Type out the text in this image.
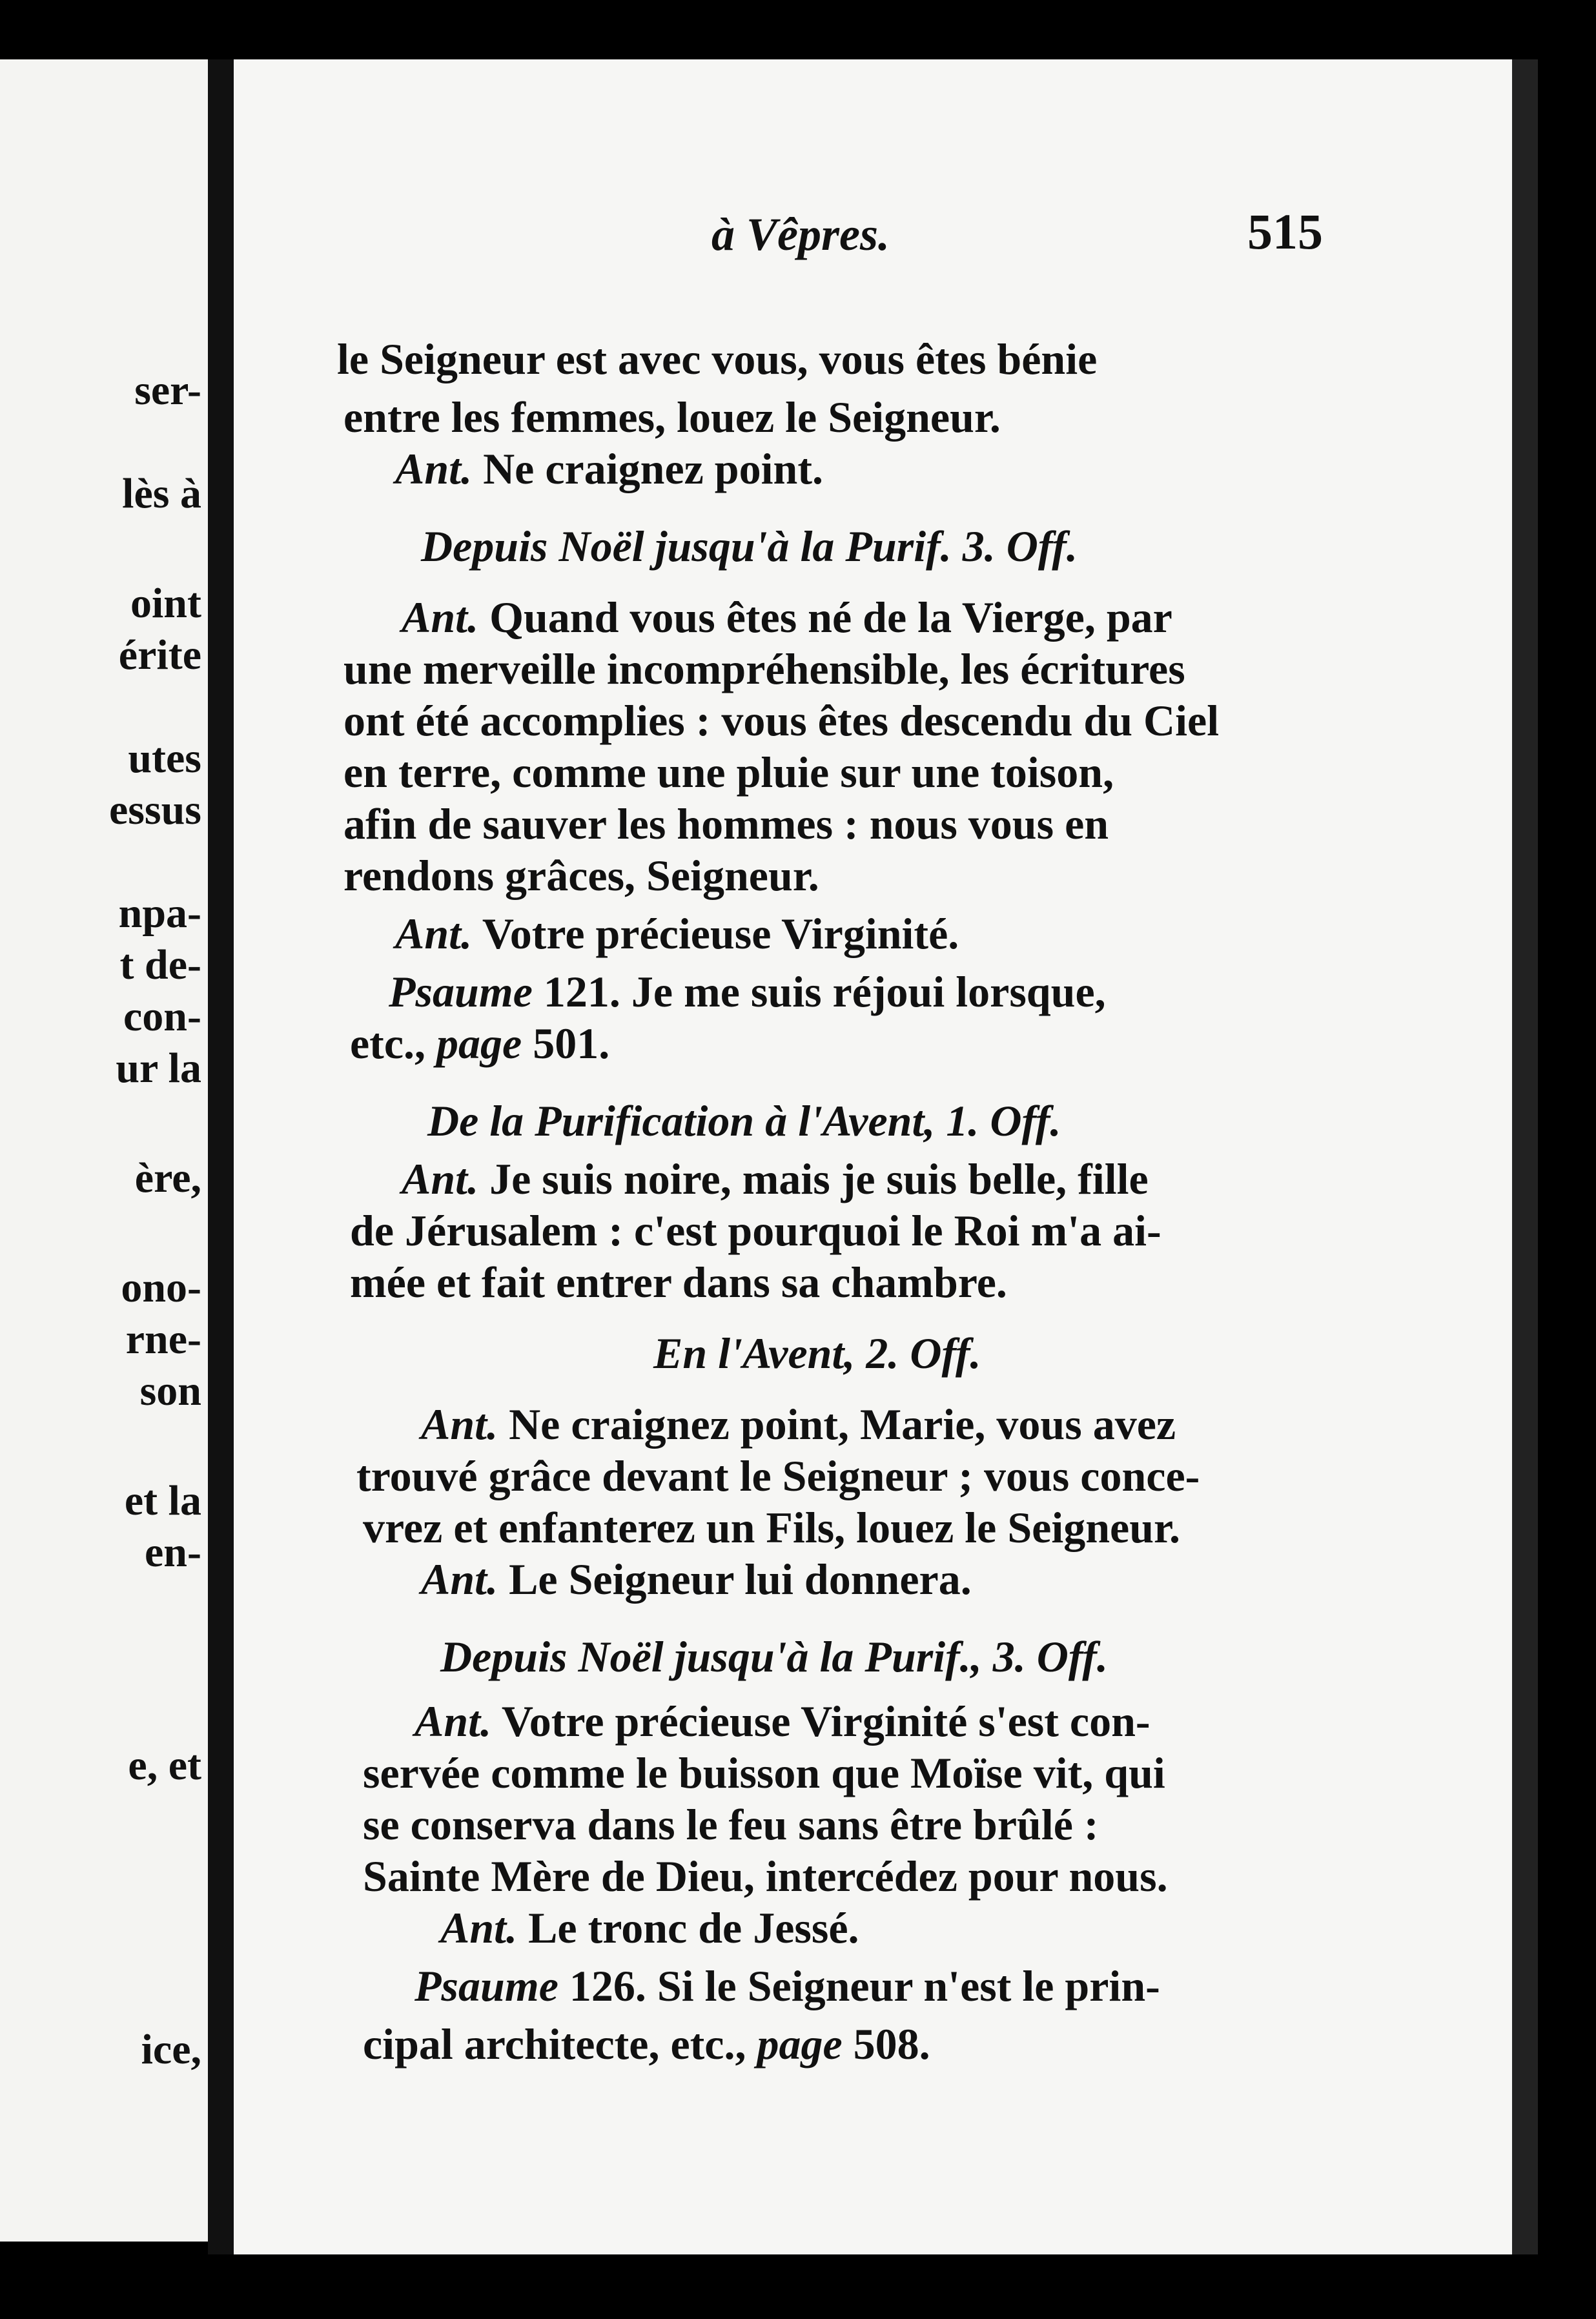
ser-
lès à
oint
érite
utes
essus
npa-
t de-
con-
ur la
ère,
ono-
rne-
son
et la
en-
e, et
ice,
à Vêpres.	515
le Seigneur est avec vous, vous êtes bénie
entre les femmes, louez le Seigneur.
Ant. Ne craignez point.
Depuis Noël jusqu'à la Purif. 3. Off.
Ant. Quand vous êtes né de la Vierge, par
une merveille incompréhensible, les écritures
ont été accomplies : vous êtes descendu du Ciel
en terre, comme une pluie sur une toison,
afin de sauver les hommes : nous vous en
rendons grâces, Seigneur.
Ant. Votre précieuse Virginité.
Psaume 121. Je me suis réjoui lorsque,
etc., page 501.
De la Purification à l'Avent, 1. Off.
Ant. Je suis noire, mais je suis belle, fille
de Jérusalem : c'est pourquoi le Roi m'a ai-
mée et fait entrer dans sa chambre.
En l'Avent, 2. Off.
Ant. Ne craignez point, Marie, vous avez
trouvé grâce devant le Seigneur ; vous conce-
vrez et enfanterez un Fils, louez le Seigneur.
Ant. Le Seigneur lui donnera.
Depuis Noël jusqu'à la Purif., 3. Off.
Ant. Votre précieuse Virginité s'est con-
servée comme le buisson que Moïse vit, qui
se conserva dans le feu sans être brûlé :
Sainte Mère de Dieu, intercédez pour nous.
Ant. Le tronc de Jessé.
Psaume 126. Si le Seigneur n'est le prin-
cipal architecte, etc., page 508.
